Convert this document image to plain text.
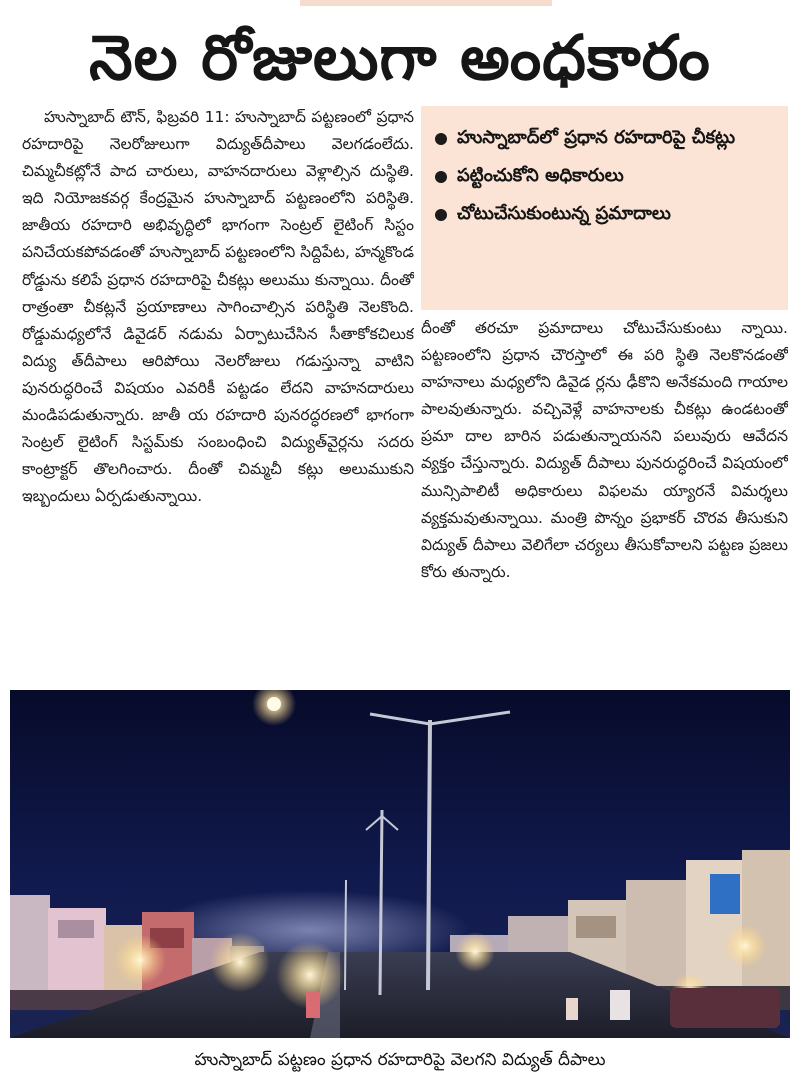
నెల రోజులుగా అంధకారం

హుస్నాబాద్ టౌన్, ఫిబ్రవరి 11: హుస్నాబాద్ పట్టణంలో ప్రధాన రహదారిపై నెలరోజులుగా విద్యుత్‌దీపాలు వెలగడంలేదు. చిమ్మచీకట్లోనే పాద చారులు, వాహనదారులు వెళ్లాల్సిన దుస్థితి. ఇది నియోజకవర్గ కేంద్రమైన హుస్నాబాద్ పట్టణంలోని పరిస్థితి. జాతీయ రహదారి అభివృద్ధిలో భాగంగా సెంట్రల్ లైటింగ్ సిస్టం పనిచేయకపోవడంతో హుస్నాబాద్ పట్టణంలోని సిద్దిపేట, హన్మకొండ రోడ్డును కలిపే ప్రధాన రహదారిపై చీకట్లు అలుము కున్నాయి. దీంతో రాత్రంతా చీకట్లనే ప్రయాణాలు సాగించాల్సిన పరిస్థితి నెలకొంది. రోడ్డుమధ్యలోనే డివైడర్ నడుమ ఏర్పాటుచేసిన సీతాకోకచిలుక విద్యు త్‌దీపాలు ఆరిపోయి నెలరోజులు గడుస్తున్నా వాటిని పునరుద్ధరించే విషయం ఎవరికీ పట్టడం లేదని వాహనదారులు మండిపడుతున్నారు. జాతీ య రహదారి పునరద్ధరణలో భాగంగా సెంట్రల్ లైటింగ్ సిస్టమ్‌కు సంబంధించి విద్యుత్‌వైర్లను సదరు కాంట్రాక్టర్ తొలగించారు. దీంతో చిమ్మచీ కట్లు అలుముకుని ఇబ్బందులు ఏర్పడుతున్నాయి.

హుస్నాబాద్‌లో ప్రధాన రహదారిపై చీకట్లు
పట్టించుకోని అధికారులు
చోటుచేసుకుంటున్న ప్రమాదాలు

దీంతో తరచూ ప్రమాదాలు చోటుచేసుకుంటు న్నాయి. పట్టణంలోని ప్రధాన చౌరస్తాలో ఈ పరి స్థితి నెలకొనడంతో వాహనాలు మధ్యలోని డివైడ ర్లను ఢీకొని అనేకమంది గాయాల పాలవుతున్నారు. వచ్చివెళ్లే వాహనాలకు చీకట్లు ఉండటంతో ప్రమా దాల బారిన పడుతున్నాయనని పలువురు ఆవేదన వ్యక్తం చేస్తున్నారు. విద్యుత్ దీపాలు పునరుద్ధరించే విషయంలో మున్సిపాలిటీ అధికారులు విఫలమ య్యారనే విమర్శలు వ్యక్తమవుతున్నాయి. మంత్రి పొన్నం ప్రభాకర్ చొరవ తీసుకుని విద్యుత్ దీపాలు వెలిగేలా చర్యలు తీసుకోవాలని పట్టణ ప్రజలు కోరు తున్నారు.

హుస్నాబాద్ పట్టణం ప్రధాన రహదారిపై వెలగని విద్యుత్ దీపాలు
